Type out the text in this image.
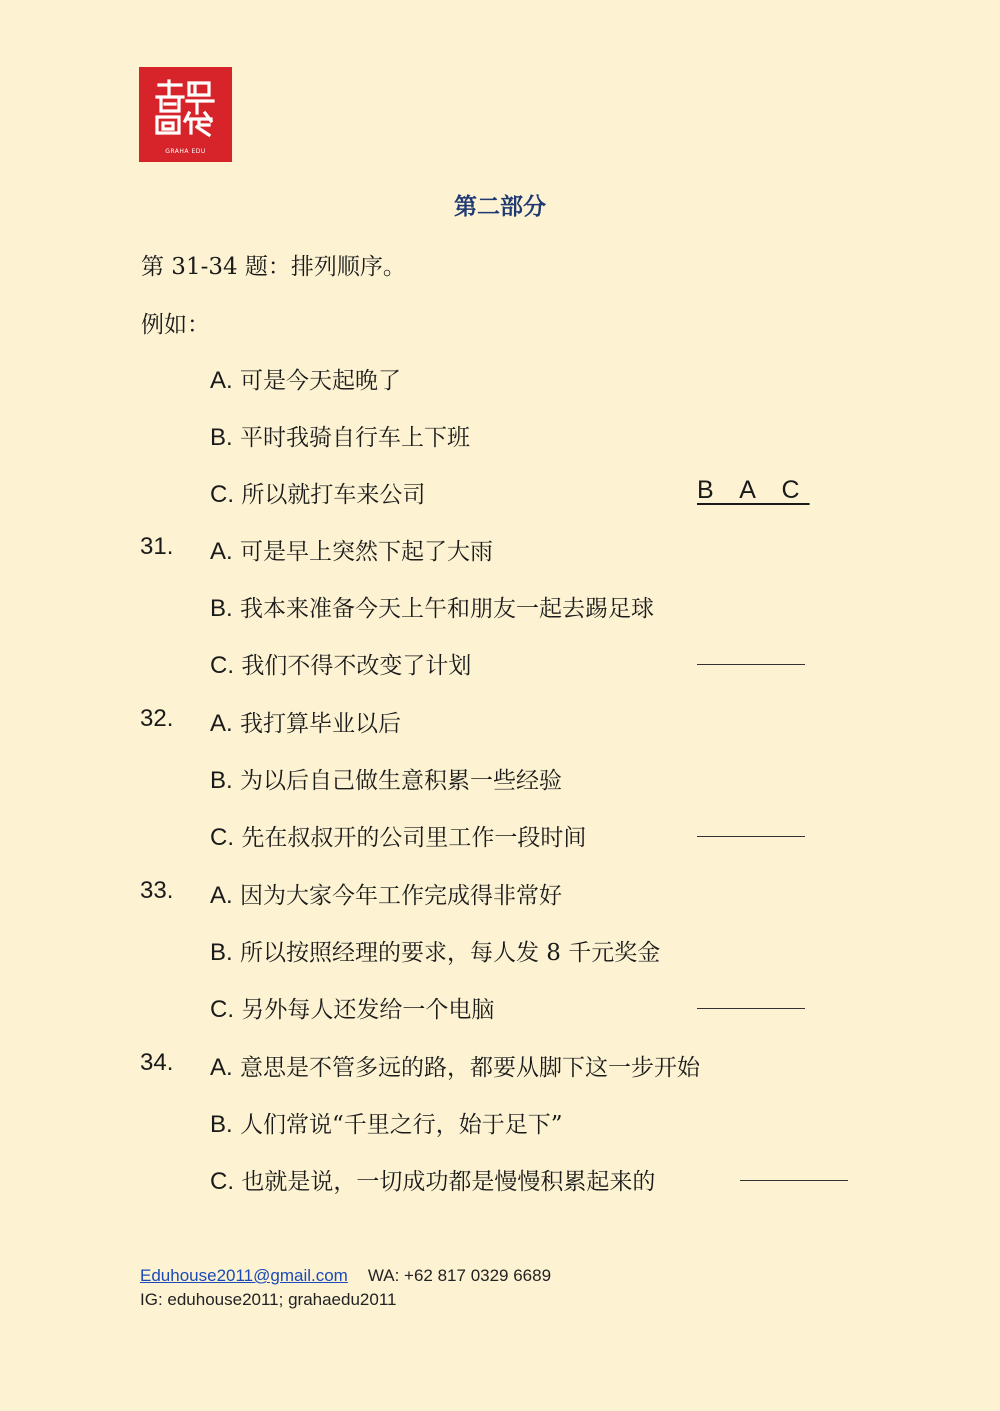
GRAHA EDU
第二部分
第 31-34 题：排列顺序。
例如：
A. 可是今天起晚了
B. 平时我骑自行车上下班
C. 所以就打车来公司	B A C
31. A. 可是早上突然下起了大雨
B. 我本来准备今天上午和朋友一起去踢足球
C. 我们不得不改变了计划
32. A. 我打算毕业以后
B. 为以后自己做生意积累一些经验
C. 先在叔叔开的公司里工作一段时间
33. A. 因为大家今年工作完成得非常好
B. 所以按照经理的要求，每人发 8 千元奖金
C. 另外每人还发给一个电脑
34. A. 意思是不管多远的路，都要从脚下这一步开始
B. 人们常说“千里之行，始于足下”
C. 也就是说，一切成功都是慢慢积累起来的
Eduhouse2011@gmail.com WA: +62 817 0329 6689
IG: eduhouse2011; grahaedu2011
